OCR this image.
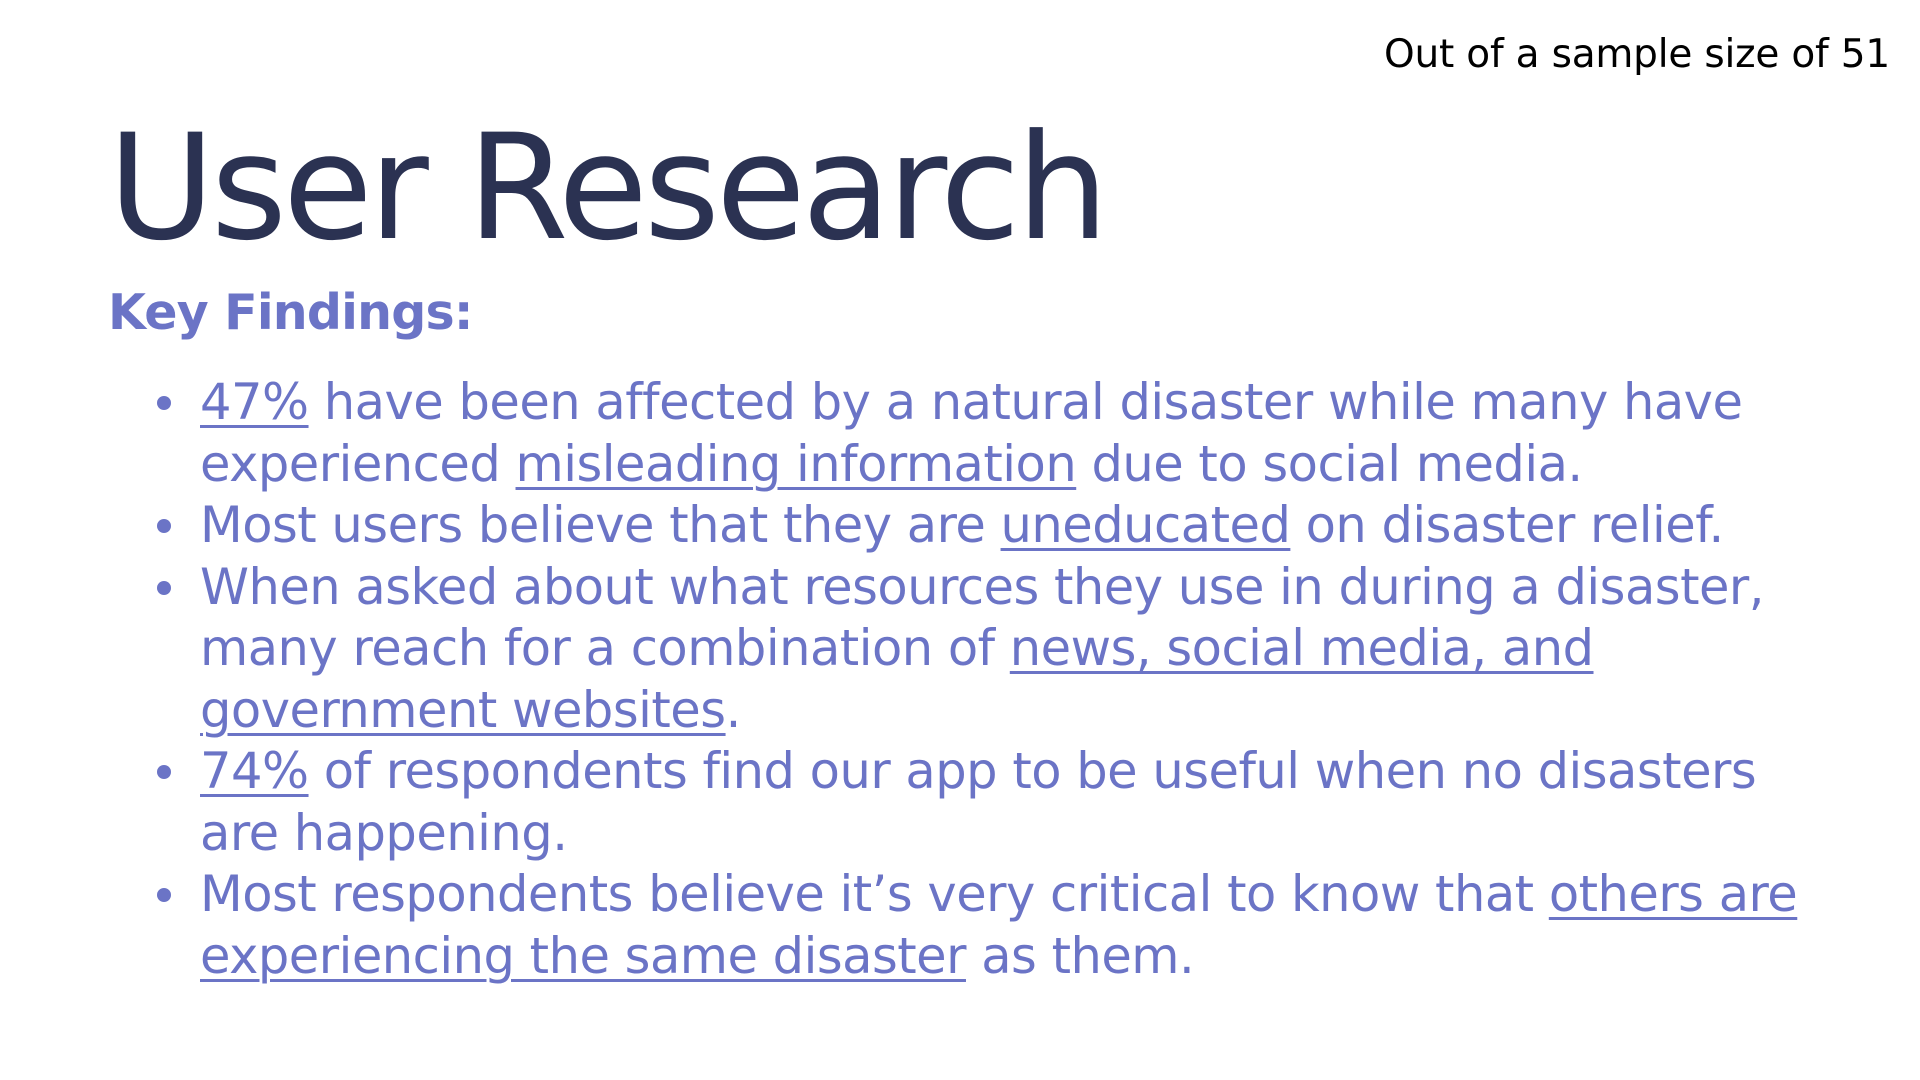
Out of a sample size of 51
User Research
Key Findings:
47% have been affected by a natural disaster while many have experienced misleading information due to social media.
Most users believe that they are uneducated on disaster relief.
When asked about what resources they use in during a disaster, many reach for a combination of news, social media, and government websites.
74% of respondents find our app to be useful when no disasters are happening.
Most respondents believe it’s very critical to know that others are experiencing the same disaster as them.
